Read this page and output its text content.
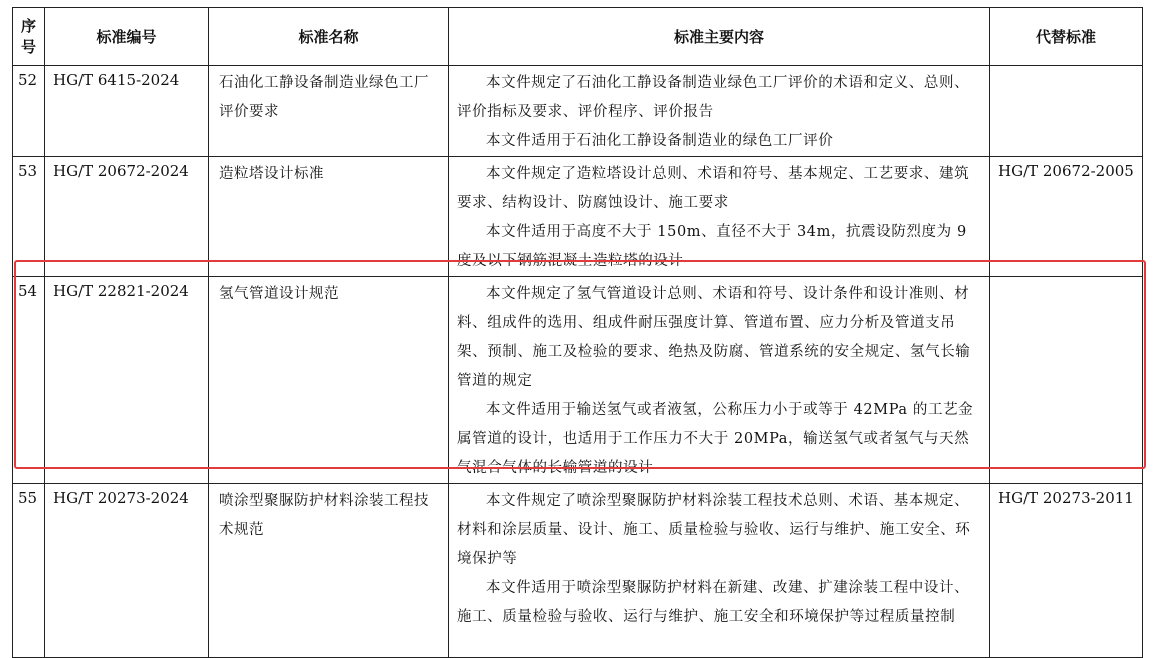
序
号	标准编号	标准名称	标准主要内容	代替标准
52	HG/T 6415-2024	石油化工静设备制造业绿色工厂评价要求	本文件规定了石油化工静设备制造业绿色工厂评价的术语和定义、总则、评价指标及要求、评价程序、评价报告

本文件适用于石油化工静设备制造业的绿色工厂评价	

53	HG/T 20672-2024	造粒塔设计标准	本文件规定了造粒塔设计总则、术语和符号、基本规定、工艺要求、建筑要求、结构设计、防腐蚀设计、施工要求

本文件适用于高度不大于 150m、直径不大于 34m，抗震设防烈度为 9 度及以下钢筋混凝土造粒塔的设计	HG/T 20672-2005
54	HG/T 22821-2024	氢气管道设计规范	本文件规定了氢气管道设计总则、术语和符号、设计条件和设计准则、材料、组成件的选用、组成件耐压强度计算、管道布置、应力分析及管道支吊架、预制、施工及检验的要求、绝热及防腐、管道系统的安全规定、氢气长输管道的规定

本文件适用于输送氢气或者液氢，公称压力小于或等于 42MPa 的工艺金属管道的设计，也适用于工作压力不大于 20MPa，输送氢气或者氢气与天然气混合气体的长输管道的设计	

55	HG/T 20273-2024	喷涂型聚脲防护材料涂装工程技术规范	本文件规定了喷涂型聚脲防护材料涂装工程技术总则、术语、基本规定、材料和涂层质量、设计、施工、质量检验与验收、运行与维护、施工安全、环境保护等

本文件适用于喷涂型聚脲防护材料在新建、改建、扩建涂装工程中设计、施工、质量检验与验收、运行与维护、施工安全和环境保护等过程质量控制	HG/T 20273-2011
